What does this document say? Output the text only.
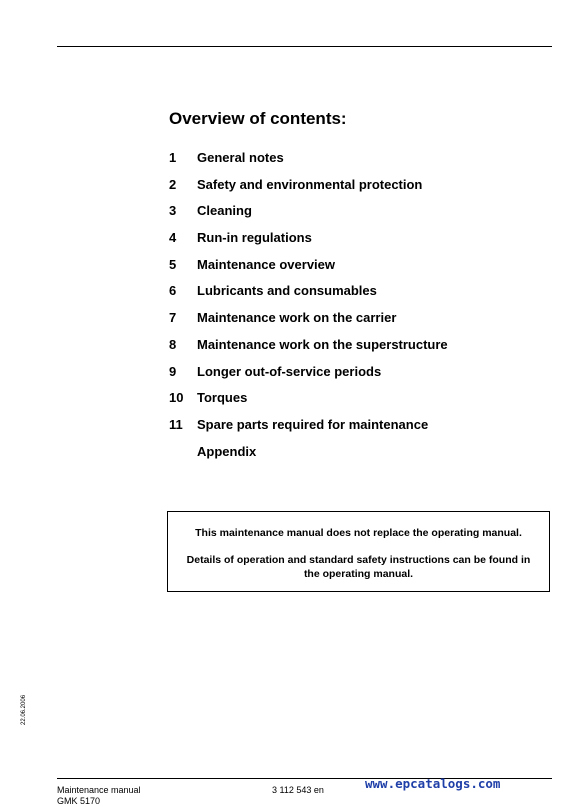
Overview of contents:
1	General notes
2	Safety and environmental protection
3	Cleaning
4	Run-in regulations
5	Maintenance overview
6	Lubricants and consumables
7	Maintenance work on the carrier
8	Maintenance work on the superstructure
9	Longer out-of-service periods
10	Torques
11	Spare parts required for maintenance
Appendix

This maintenance manual does not replace the operating manual.

Details of operation and standard safety instructions can be found in the operating manual.

22.06.2006
Maintenance manual
GMK 5170
3 112 543 en	www.epcatalogs.com
